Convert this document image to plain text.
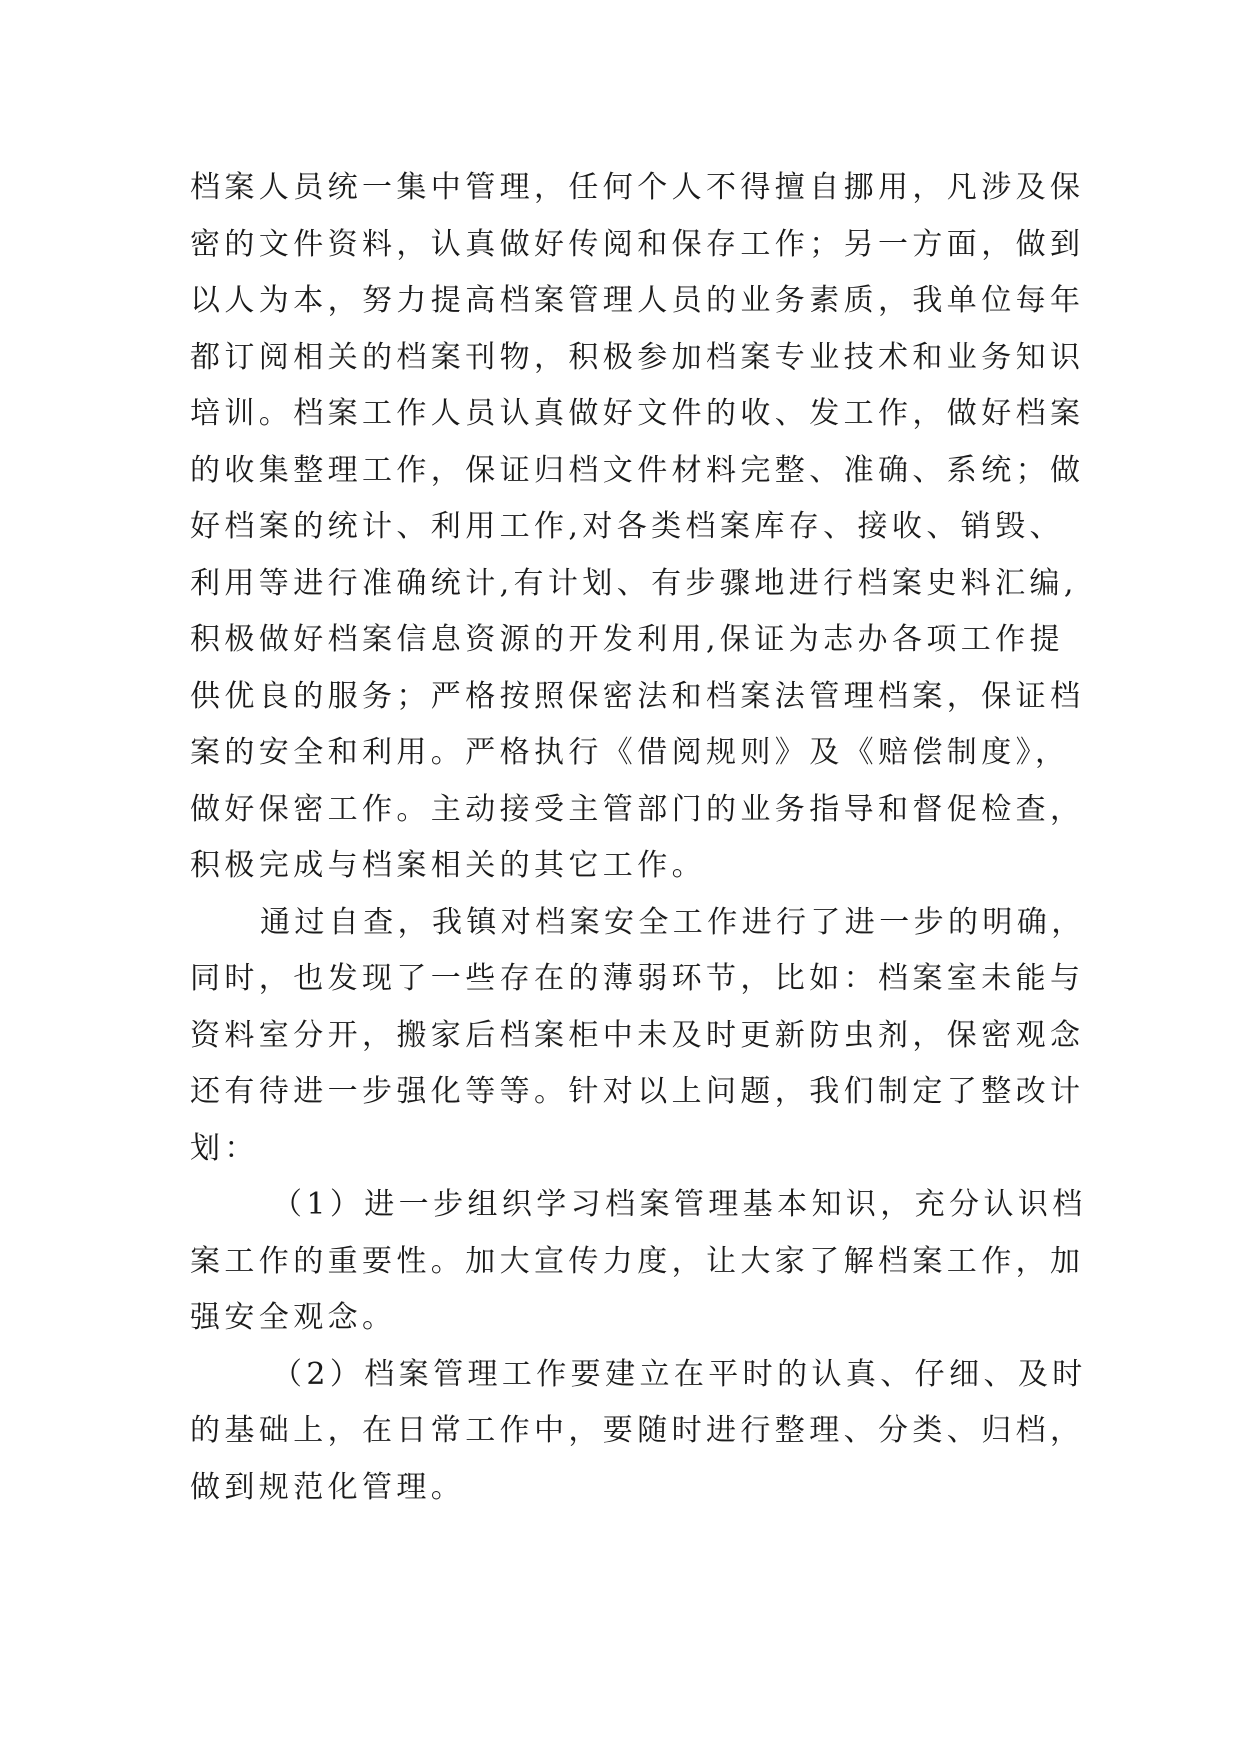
档案人员统一集中管理，任何个人不得擅自挪用，凡涉及保
密的文件资料，认真做好传阅和保存工作；另一方面，做到
以人为本，努力提高档案管理人员的业务素质，我单位每年
都订阅相关的档案刊物，积极参加档案专业技术和业务知识
培训。档案工作人员认真做好文件的收、发工作，做好档案
的收集整理工作，保证归档文件材料完整、准确、系统；做
好档案的统计、利用工作,对各类档案库存、接收、销毁、
利用等进行准确统计,有计划、有步骤地进行档案史料汇编,
积极做好档案信息资源的开发利用,保证为志办各项工作提
供优良的服务；严格按照保密法和档案法管理档案，保证档
案的安全和利用。严格执行《借阅规则》及《赔偿制度》，
做好保密工作。主动接受主管部门的业务指导和督促检查，
积极完成与档案相关的其它工作。
通过自查，我镇对档案安全工作进行了进一步的明确，
同时，也发现了一些存在的薄弱环节，比如：档案室未能与
资料室分开，搬家后档案柜中未及时更新防虫剂，保密观念
还有待进一步强化等等。针对以上问题，我们制定了整改计
划：
（1）进一步组织学习档案管理基本知识，充分认识档
案工作的重要性。加大宣传力度，让大家了解档案工作，加
强安全观念。
（2）档案管理工作要建立在平时的认真、仔细、及时
的基础上，在日常工作中，要随时进行整理、分类、归档，
做到规范化管理。
